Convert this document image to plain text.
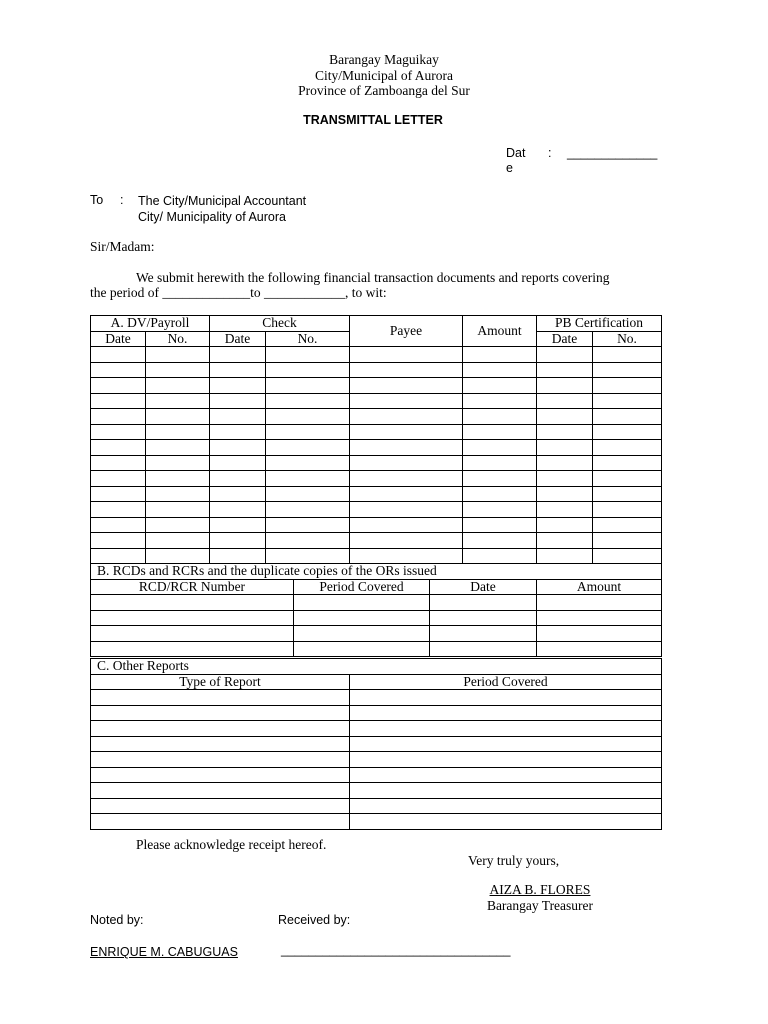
Barangay Maguikay
City/Municipal of Aurora
Province of Zamboanga del Sur
TRANSMITTAL LETTER
Dat
e
: _____________
To : The City/Municipal Accountant
City/ Municipality of Aurora
Sir/Madam:
We submit herewith the following financial transaction documents and reports covering
the period of _____________to ____________, to wit:
A. DV/Payroll		Check		Payee	Amount	PB Certification	
Date	No.	Date	No.			Date	No.

B. RCDs and RCRs and the duplicate copies of the ORs issued			
RCD/RCR Number	Period Covered	Date	Amount

C. Other Reports	
Type of Report	Period Covered

Please acknowledge receipt hereof.
Very truly yours,
AIZA B. FLORES
Barangay Treasurer
Noted by:	Received by:
ENRIQUE M. CABUGUAS	_________________________________
